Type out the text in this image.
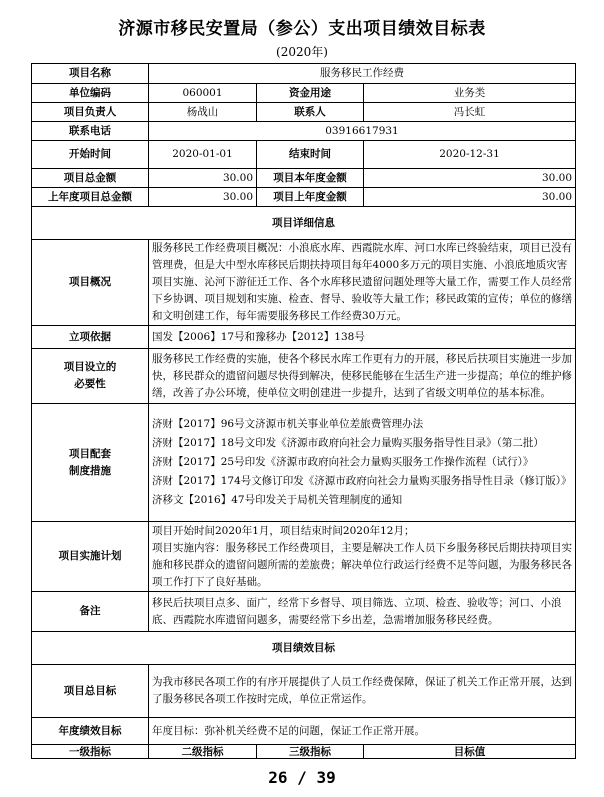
济源市移民安置局（参公）支出项目绩效目标表
(2020年)
项目名称	服务移民工作经费		
单位编码	060001	资金用途	业务类
项目负责人	杨战山	联系人	冯长虹
联系电话	03916617931		
开始时间	2020-01-01	结束时间	2020-12-31
项目总金额	30.00	项目本年度金额	30.00
上年度项目总金额	30.00	项目上年度金额	30.00
项目详细信息			
项目概况	服务移民工作经费项目概况：小浪底水库、西霞院水库、河口水库已终验结束，项目已没有管理费，但是大中型水库移民后期扶持项目每年4000多万元的项目实施、小浪底地质灾害项目实施、沁河下游征迁工作、各个水库移民遗留问题处理等大量工作，需要工作人员经常下乡协调、项目规划和实施、检查、督导、验收等大量工作；移民政策的宣传；单位的修缮和文明创建工作，每年需要服务移民工作经费30万元。		
立项依据	国发【2006】17号和豫移办【2012】138号		

项目设立的
必要性	服务移民工作经费的实施，使各个移民水库工作更有力的开展，移民后扶项目实施进一步加快，移民群众的遗留问题尽快得到解决，使移民能够在生活生产进一步提高；单位的维护修缮，改善了办公环境，使单位文明创建进一步提升，达到了省级文明单位的基本标准。		

项目配套
制度措施	济财【2017】96号文济源市机关事业单位差旅费管理办法
济财【2017】18号文印发《济源市政府向社会力量购买服务指导性目录》（第二批）
济财【2017】25号印发《济源市政府向社会力量购买服务工作操作流程（试行）》
济财【2017】174号文修订印发《济源市政府向社会力量购买服务指导性目录（修订版）》
济移文【2016】47号印发关于局机关管理制度的通知		

项目实施计划	项目开始时间2020年1月，项目结束时间2020年12月；
项目实施内容：服务移民工作经费项目，主要是解决工作人员下乡服务移民后期扶持项目实施和移民群众的遗留问题所需的差旅费；解决单位行政运行经费不足等问题，为服务移民各项工作打下了良好基础。		

备注	移民后扶项目点多、面广，经常下乡督导、项目筛选、立项、检查、验收等；河口、小浪底、西霞院水库遗留问题多，需要经常下乡出差，急需增加服务移民经费。		
项目绩效目标			
项目总目标	为我市移民各项工作的有序开展提供了人员工作经费保障，保证了机关工作正常开展，达到了服务移民各项工作按时完成，单位正常运作。		
年度绩效目标	年度目标：弥补机关经费不足的问题，保证工作正常开展。		
一级指标	二级指标	三级指标	目标值
26 / 39
